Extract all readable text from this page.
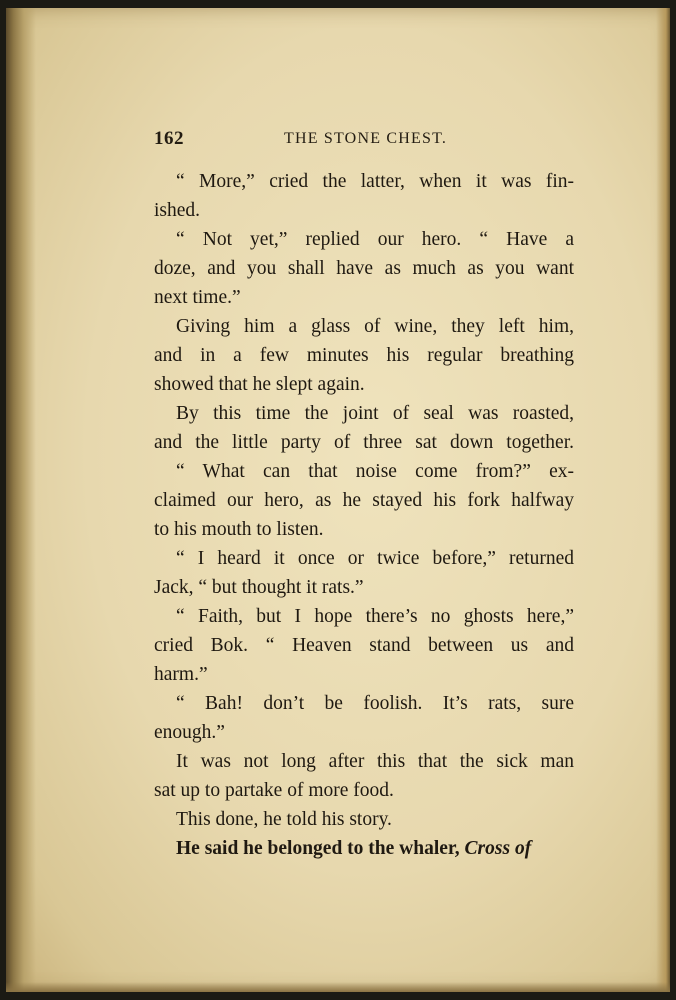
162	THE STONE CHEST.
“ More,” cried the latter, when it was fin-
ished.
“ Not yet,” replied our hero. “ Have a
doze, and you shall have as much as you want
next time.”
Giving him a glass of wine, they left him,
and in a few minutes his regular breathing
showed that he slept again.
By this time the joint of seal was roasted,
and the little party of three sat down together.
“ What can that noise come from?” ex-
claimed our hero, as he stayed his fork halfway
to his mouth to listen.
“ I heard it once or twice before,” returned
Jack, “ but thought it rats.”
“ Faith, but I hope there’s no ghosts here,”
cried Bok. “ Heaven stand between us and
harm.”
“ Bah! don’t be foolish. It’s rats, sure
enough.”
It was not long after this that the sick man
sat up to partake of more food.
This done, he told his story.
He said he belonged to the whaler, Cross of
